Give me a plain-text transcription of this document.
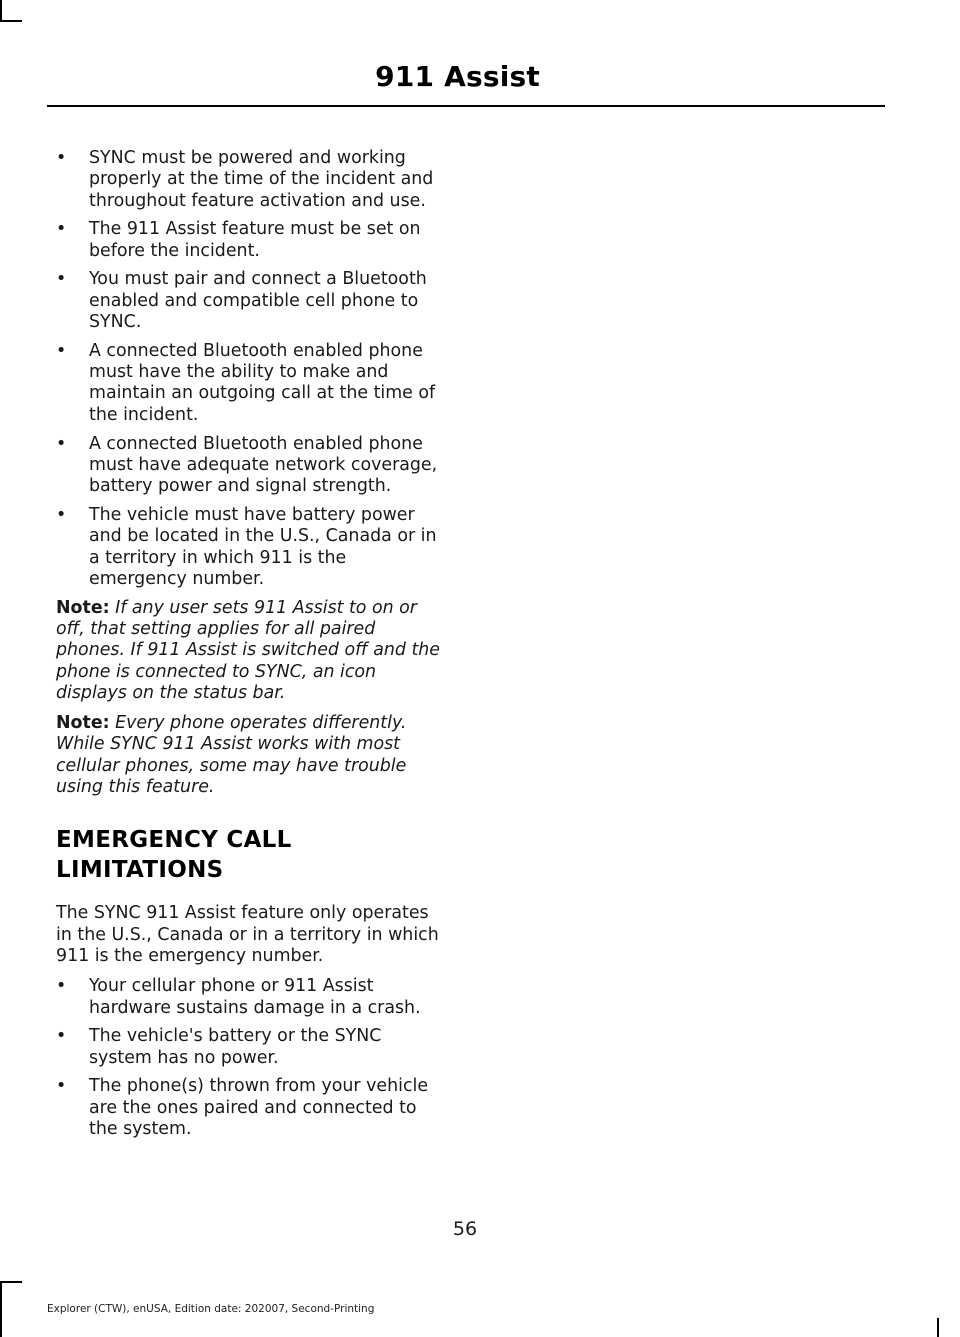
911 Assist
• SYNC must be powered and working properly at the time of the incident and throughout feature activation and use.
• The 911 Assist feature must be set on before the incident.
• You must pair and connect a Bluetooth enabled and compatible cell phone to SYNC.
• A connected Bluetooth enabled phone must have the ability to make and maintain an outgoing call at the time of the incident.
• A connected Bluetooth enabled phone must have adequate network coverage, battery power and signal strength.
• The vehicle must have battery power and be located in the U.S., Canada or in a territory in which 911 is the emergency number.

Note: If any user sets 911 Assist to on or off, that setting applies for all paired phones. If 911 Assist is switched off and the phone is connected to SYNC, an icon displays on the status bar.

Note: Every phone operates differently. While SYNC 911 Assist works with most cellular phones, some may have trouble using this feature.

EMERGENCY CALL
LIMITATIONS

The SYNC 911 Assist feature only operates in the U.S., Canada or in a territory in which 911 is the emergency number.

• Your cellular phone or 911 Assist hardware sustains damage in a crash.
• The vehicle's battery or the SYNC system has no power.
• The phone(s) thrown from your vehicle are the ones paired and connected to the system.
56
Explorer (CTW), enUSA, Edition date: 202007, Second-Printing
